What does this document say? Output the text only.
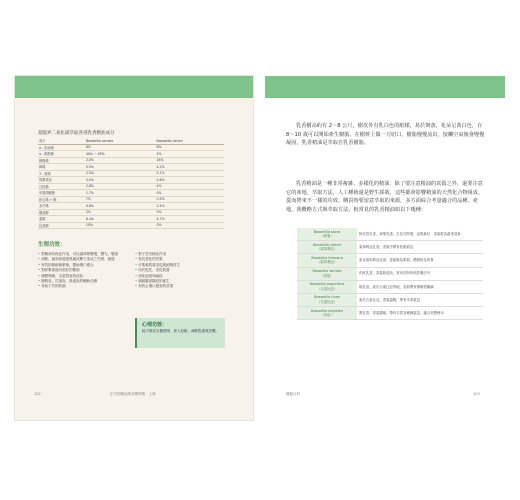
超臨界二氧化碳萃取各別乳香精油成分
成分	Boswellia serrata	Boswellia carteri
α - 松油烯	6%	6%
α - 側柏烯	40% ~ 45%	5%
檸檬烯	2.0%	16%
樟烯	0.5%	4.2%
3 - 蒈烯	2.5%	2.1%
對傘花烴	2.0%	2.6%
月桂烯	2.8%	4%
甲基胡椒酚	1.7%	0%
乾山烯 + 醇	7%	0.5%
水芹烯	0.6%	2.4%
檀香醇	2%	0%
蒎烯	8.4%	4.7%
乳香醇	10%	0%
生理功效：
• 對精神有極佳作用，可以讓呼吸變慢、變勻、變深
• 消除、緩和因過度焦慮或壓力造成之失眠、疲倦
• 有效抑制細菌繁殖，幫助傷口癒合
• 對呼吸系統有很好的幫助
• 減輕咳嗽、支氣管炎的症狀
• 膀胱炎、尿道炎、陰道炎的輔助治療
• 有助子宮的收縮
• 對子宮有極佳作用
• 有抗老化的效果
• 可柔軟肌膚並促進細胞再生
• 用於乾性、老化肌膚
• 淡化疤痕與細紋
• 減緩臉部皺紋的產生
• 有防止傷口感染的效果
心理功效：
能平靜並安撫情緒，使人放鬆、減輕焦慮與恐懼。
102	正宗的精油與芳療實務　上冊
乳香樹高約有 2～8 公尺，樹皮外有乳白色的紙樣，易於剝落，花朵呈黃白色，在 8～10 歲可以開始產生樹脂，在樹幹上做一刀切口，樹脂慢慢流出，接觸空氣後會慢慢凝固，乳香精油是萃取自乳香樹脂。
乳香精油是一種非常複雜、多樣化的精油，除了要注意精油的真偽之外，還要注意它的產地、萃取方法，人工種植還是野生採收，這些都會影響精油的天然化合物組成。從而帶來不一樣的功效。購買時要留意萃取的來源，多方面綜合考量適合的品種、產地。我概略方式與萃取方法，較常見的乳香精油如以下幾種：
Boswellia sacra
（阿曼）	阿拉伯乳香，神聖乳香，生長在阿曼，品質最好，香氣較為甜美清新

Boswellia carteri
（索馬利亞）	索馬利亞乳香，香氣中帶有松脂氣息

Boswellia frereana
（索馬利亞）	產自索馬利亞北部，香氣較為柔和，價格較為昂貴

Boswellia serrata
（印度）	印度乳香，香氣較清淡，常用於阿育吠陀療法中

Boswellia papyrifera
（衣索比亞）	紙乳香，產於衣索比亞等地，香氣帶有檸檬柑橘調

Boswellia rivae
（衣索比亞）	產於衣索比亞，香氣溫暖，帶有辛香氣息

Boswellia neglecta
（肯亞）	黑乳香，香氣濃郁，帶有木質及煙燻氣息，適合冥想使用
種類百科	103
